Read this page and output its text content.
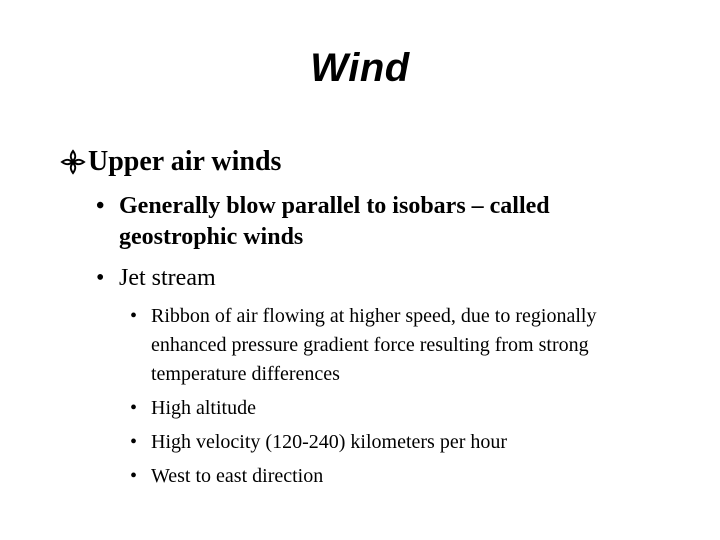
Wind
Upper air winds
• Generally blow parallel to isobars – called geostrophic winds
• Jet stream
• Ribbon of air flowing at higher speed, due to regionally enhanced pressure gradient force resulting from strong temperature differences
• High altitude
• High velocity (120-240) kilometers per hour
• West to east direction
